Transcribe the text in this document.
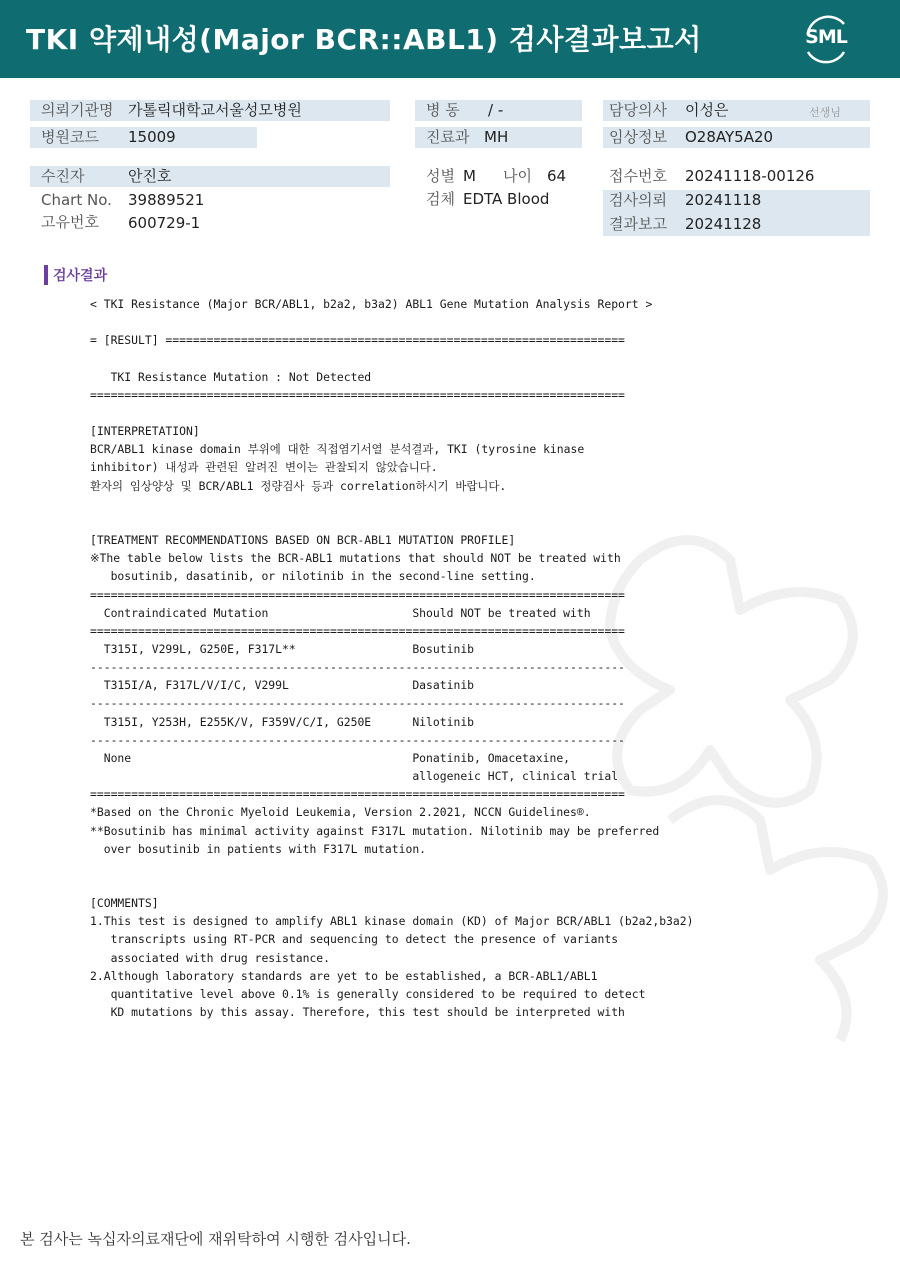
TKI 약제내성(Major BCR::ABL1) 검사결과보고서	SML
의뢰기관명 가톨릭대학교서울성모병원	병 동 / -	담당의사 이성은	선생님
병원코드 15009	진료과 MH	임상정보 O28AY5A20
수진자	안진호	성별 M 나이 64	접수번호 20241118-00126
Chart No. 39889521	검체 EDTA Blood	검사의뢰 20241118
고유번호 600729-1	결과보고 20241128
검사결과
< TKI Resistance (Major BCR/ABL1, b2a2, b3a2) ABL1 Gene Mutation Analysis Report >

= [RESULT] ===================================================================

TKI Resistance Mutation : Not Detected
==============================================================================

[INTERPRETATION]
BCR/ABL1 kinase domain 부위에 대한 직접염기서열 분석결과, TKI (tyrosine kinase
inhibitor) 내성과 관련된 알려진 변이는 관찰되지 않았습니다.
환자의 임상양상 및 BCR/ABL1 정량검사 등과 correlation하시기 바랍니다.

[TREATMENT RECOMMENDATIONS BASED ON BCR-ABL1 MUTATION PROFILE]
※The table below lists the BCR-ABL1 mutations that should NOT be treated with
bosutinib, dasatinib, or nilotinib in the second-line setting.
==============================================================================
Contraindicated Mutation                     Should NOT be treated with
==============================================================================
T315I, V299L, G250E, F317L**                 Bosutinib
------------------------------------------------------------------------------
T315I/A, F317L/V/I/C, V299L                  Dasatinib
------------------------------------------------------------------------------
T315I, Y253H, E255K/V, F359V/C/I, G250E      Nilotinib
------------------------------------------------------------------------------
None                                         Ponatinib, Omacetaxine,
allogeneic HCT, clinical trial
==============================================================================
*Based on the Chronic Myeloid Leukemia, Version 2.2021, NCCN Guidelines®.
**Bosutinib has minimal activity against F317L mutation. Nilotinib may be preferred
over bosutinib in patients with F317L mutation.

[COMMENTS]
1.This test is designed to amplify ABL1 kinase domain (KD) of Major BCR/ABL1 (b2a2,b3a2)
transcripts using RT-PCR and sequencing to detect the presence of variants
associated with drug resistance.
2.Although laboratory standards are yet to be established, a BCR-ABL1/ABL1
quantitative level above 0.1% is generally considered to be required to detect
KD mutations by this assay. Therefore, this test should be interpreted with
본 검사는 녹십자의료재단에 재위탁하여 시행한 검사입니다.
